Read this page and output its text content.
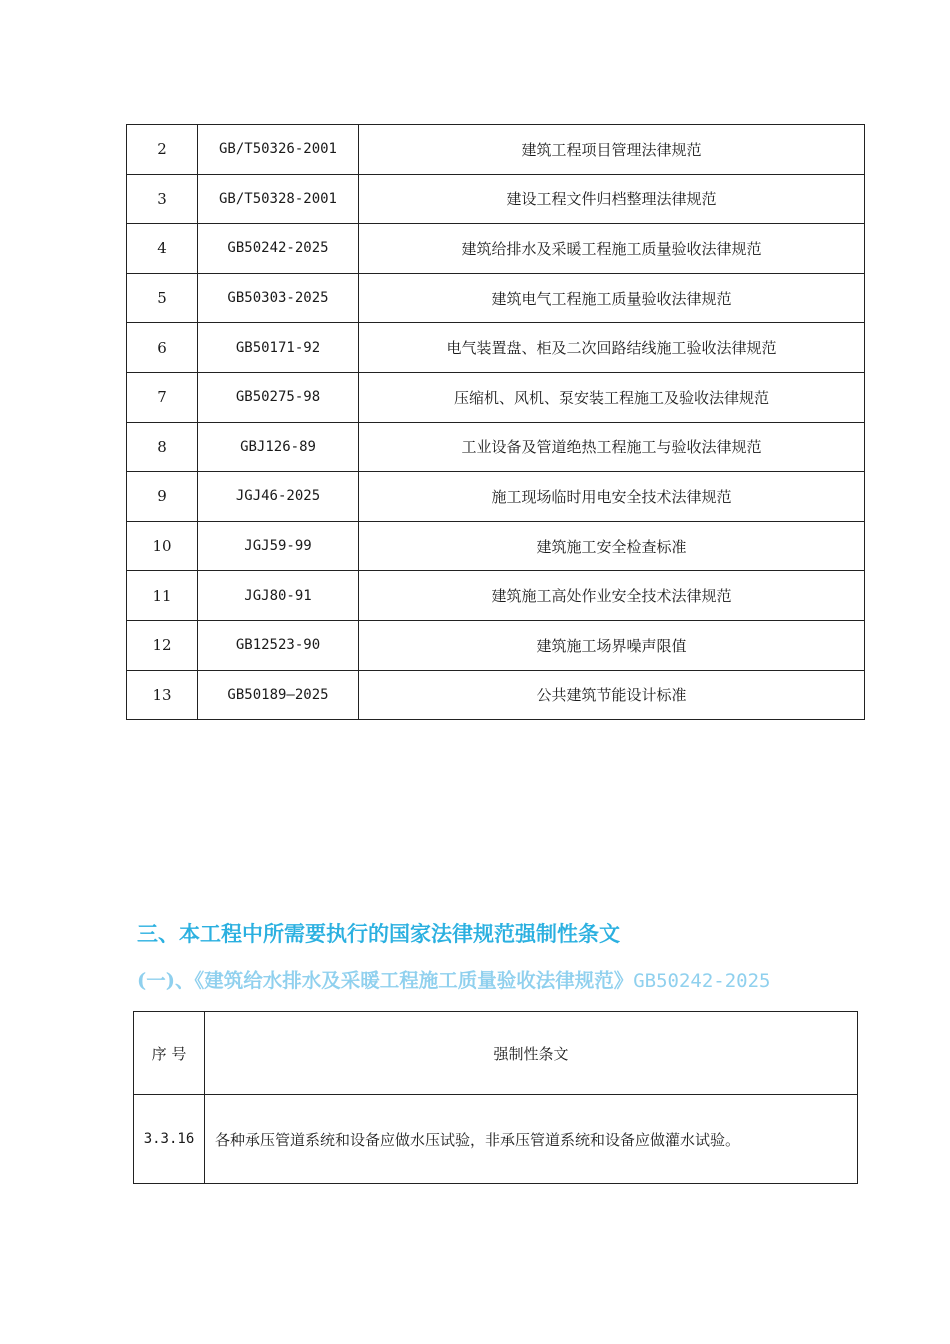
2	GB/T50326-2001	建筑工程项目管理法律规范
3	GB/T50328-2001	建设工程文件归档整理法律规范
4	GB50242-2025	建筑给排水及采暖工程施工质量验收法律规范
5	GB50303-2025	建筑电气工程施工质量验收法律规范
6	GB50171-92	电气装置盘、柜及二次回路结线施工验收法律规范
7	GB50275-98	压缩机、风机、泵安装工程施工及验收法律规范
8	GBJ126-89	工业设备及管道绝热工程施工与验收法律规范
9	JGJ46-2025	施工现场临时用电安全技术法律规范
10	JGJ59-99	建筑施工安全检查标准
11	JGJ80-91	建筑施工高处作业安全技术法律规范
12	GB12523-90	建筑施工场界噪声限值
13	GB50189—2025	公共建筑节能设计标准
三、本工程中所需要执行的国家法律规范强制性条文
(一)、《建筑给水排水及采暖工程施工质量验收法律规范》GB50242-2025
序 号	强制性条文
3.3.16	各种承压管道系统和设备应做水压试验，非承压管道系统和设备应做灌水试验。
